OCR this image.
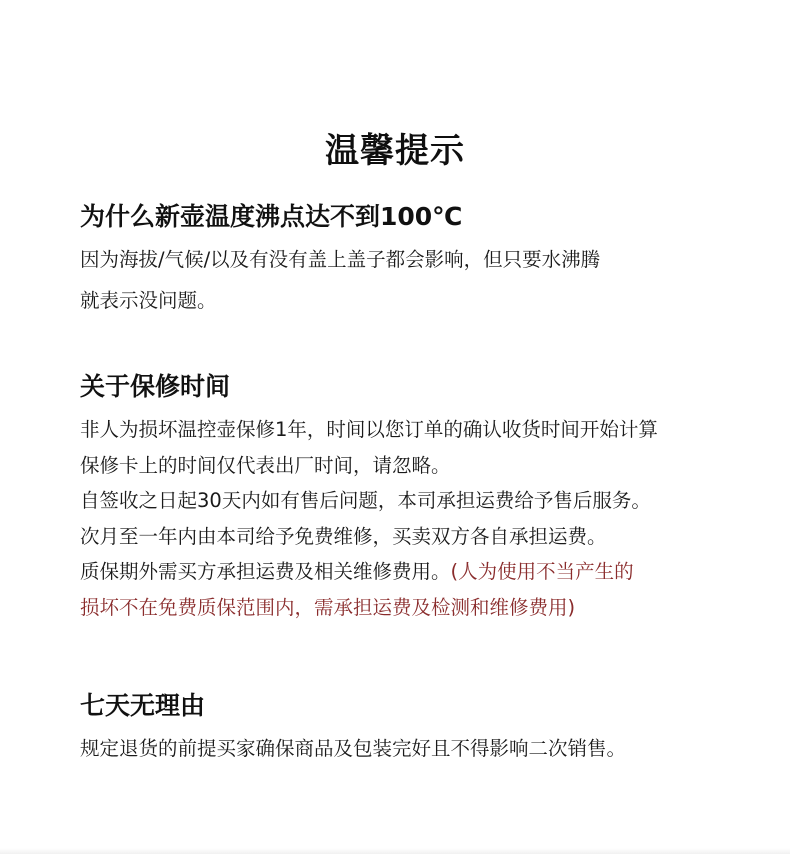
温馨提示
为什么新壶温度沸点达不到100℃
因为海拔/气候/以及有没有盖上盖子都会影响，但只要水沸腾
就表示没问题。
关于保修时间
非人为损坏温控壶保修1年，时间以您订单的确认收货时间开始计算
保修卡上的时间仅代表出厂时间，请忽略。
自签收之日起30天内如有售后问题，本司承担运费给予售后服务。
次月至一年内由本司给予免费维修，买卖双方各自承担运费。
质保期外需买方承担运费及相关维修费用。(人为使用不当产生的
损坏不在免费质保范围内，需承担运费及检测和维修费用)
七天无理由
规定退货的前提买家确保商品及包装完好且不得影响二次销售。
